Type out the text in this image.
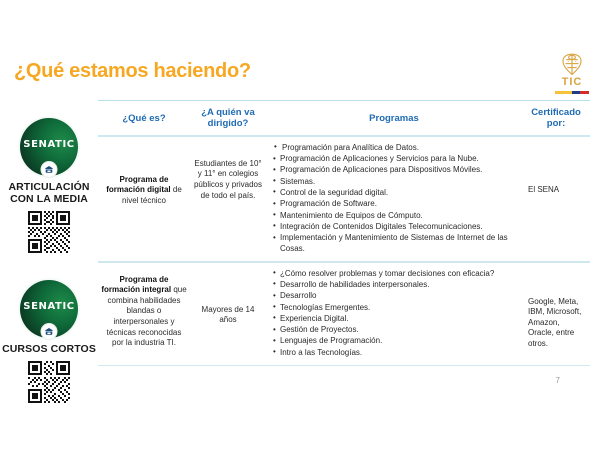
¿Qué estamos haciendo?	TIC
SENATIC
ARTICULACIÓN
CON LA MEDIA
SENATIC
CURSOS CORTOS
¿Qué es?
¿A quién va
dirigido?
Programas
Certificado
por:
Programa de formación digital de nivel técnico
Estudiantes de 10° y 11° en colegios públicos y privados de todo el país.
• Programación para Analítica de Datos.
• Programación de Aplicaciones y Servicios para la Nube.
• Programación de Aplicaciones para Dispositivos Móviles.
• Sistemas.
• Control de la seguridad digital.
• Programación de Software.
• Mantenimiento de Equipos de Cómputo.
• Integración de Contenidos Digitales Telecomunicaciones.
• Implementación y Mantenimiento de Sistemas de Internet de las Cosas.
El SENA
Programa de formación integral que combina habilidades blandas o interpersonales y técnicas reconocidas por la industria TI.
Mayores de 14 años
• ¿Cómo resolver problemas y tomar decisiones con eficacia?
• Desarrollo de habilidades interpersonales.
• Desarrollo
• Tecnologías Emergentes.
• Experiencia Digital.
• Gestión de Proyectos.
• Lenguajes de Programación.
• Intro a las Tecnologías.
Google, Meta, IBM, Microsoft, Amazon, Oracle, entre otros.
7
